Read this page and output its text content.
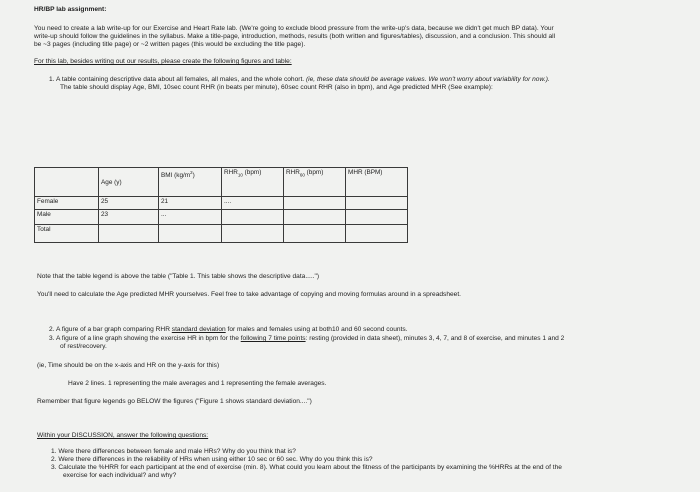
HR/BP lab assignment:
You need to create a lab write-up for our Exercise and Heart Rate lab. (We're going to exclude blood pressure from the write-up's data, because we didn't get much BP data). Your
write-up should follow the guidelines in the syllabus. Make a title-page, introduction, methods, results (both written and figures/tables), discussion, and a conclusion. This should all
be ~3 pages (including title page) or ~2 written pages (this would be excluding the title page).
For this lab, besides writing out our results, please create the following figures and table:
1. A table containing descriptive data about all females, all males, and the whole cohort. (ie, these data should be average values. We won't worry about variability for now.).
The table should display Age, BMI, 10sec count RHR (in beats per minute), 60sec count RHR (also in bpm), and Age predicted MHR (See example):
	Age (y)	BMI $(kg/m^2)$	$RHR_{10}$ (bpm)	$RHR_{60}$ (bpm)	MHR (BPM)
Female	25	21	....		
Male	23	...			
Total					
Note that the table legend is above the table ("Table 1. This table shows the descriptive data.....")
You'll need to calculate the Age predicted MHR yourselves. Feel free to take advantage of copying and moving formulas around in a spreadsheet.
2. A figure of a bar graph comparing RHR standard deviation for males and females using at both10 and 60 second counts.
3. A figure of a line graph showing the exercise HR in bpm for the following 7 time points: resting (provided in data sheet), minutes 3, 4, 7, and 8 of exercise, and minutes 1 and 2
of rest/recovery.
(ie, Time should be on the x-axis and HR on the y-axis for this)
Have 2 lines. 1 representing the male averages and 1 representing the female averages.
Remember that figure legends go BELOW the figures ("Figure 1 shows standard deviation....")
Within your DISCUSSION, answer the following questions:
1. Were there differences between female and male HRs? Why do you think that is?
2. Were there differences in the reliability of HRs when using either 10 sec or 60 sec. Why do you think this is?
3. Calculate the %HRR for each participant at the end of exercise (min. 8). What could you learn about the fitness of the participants by examining the %HRRs at the end of the
exercise for each individual? and why?
